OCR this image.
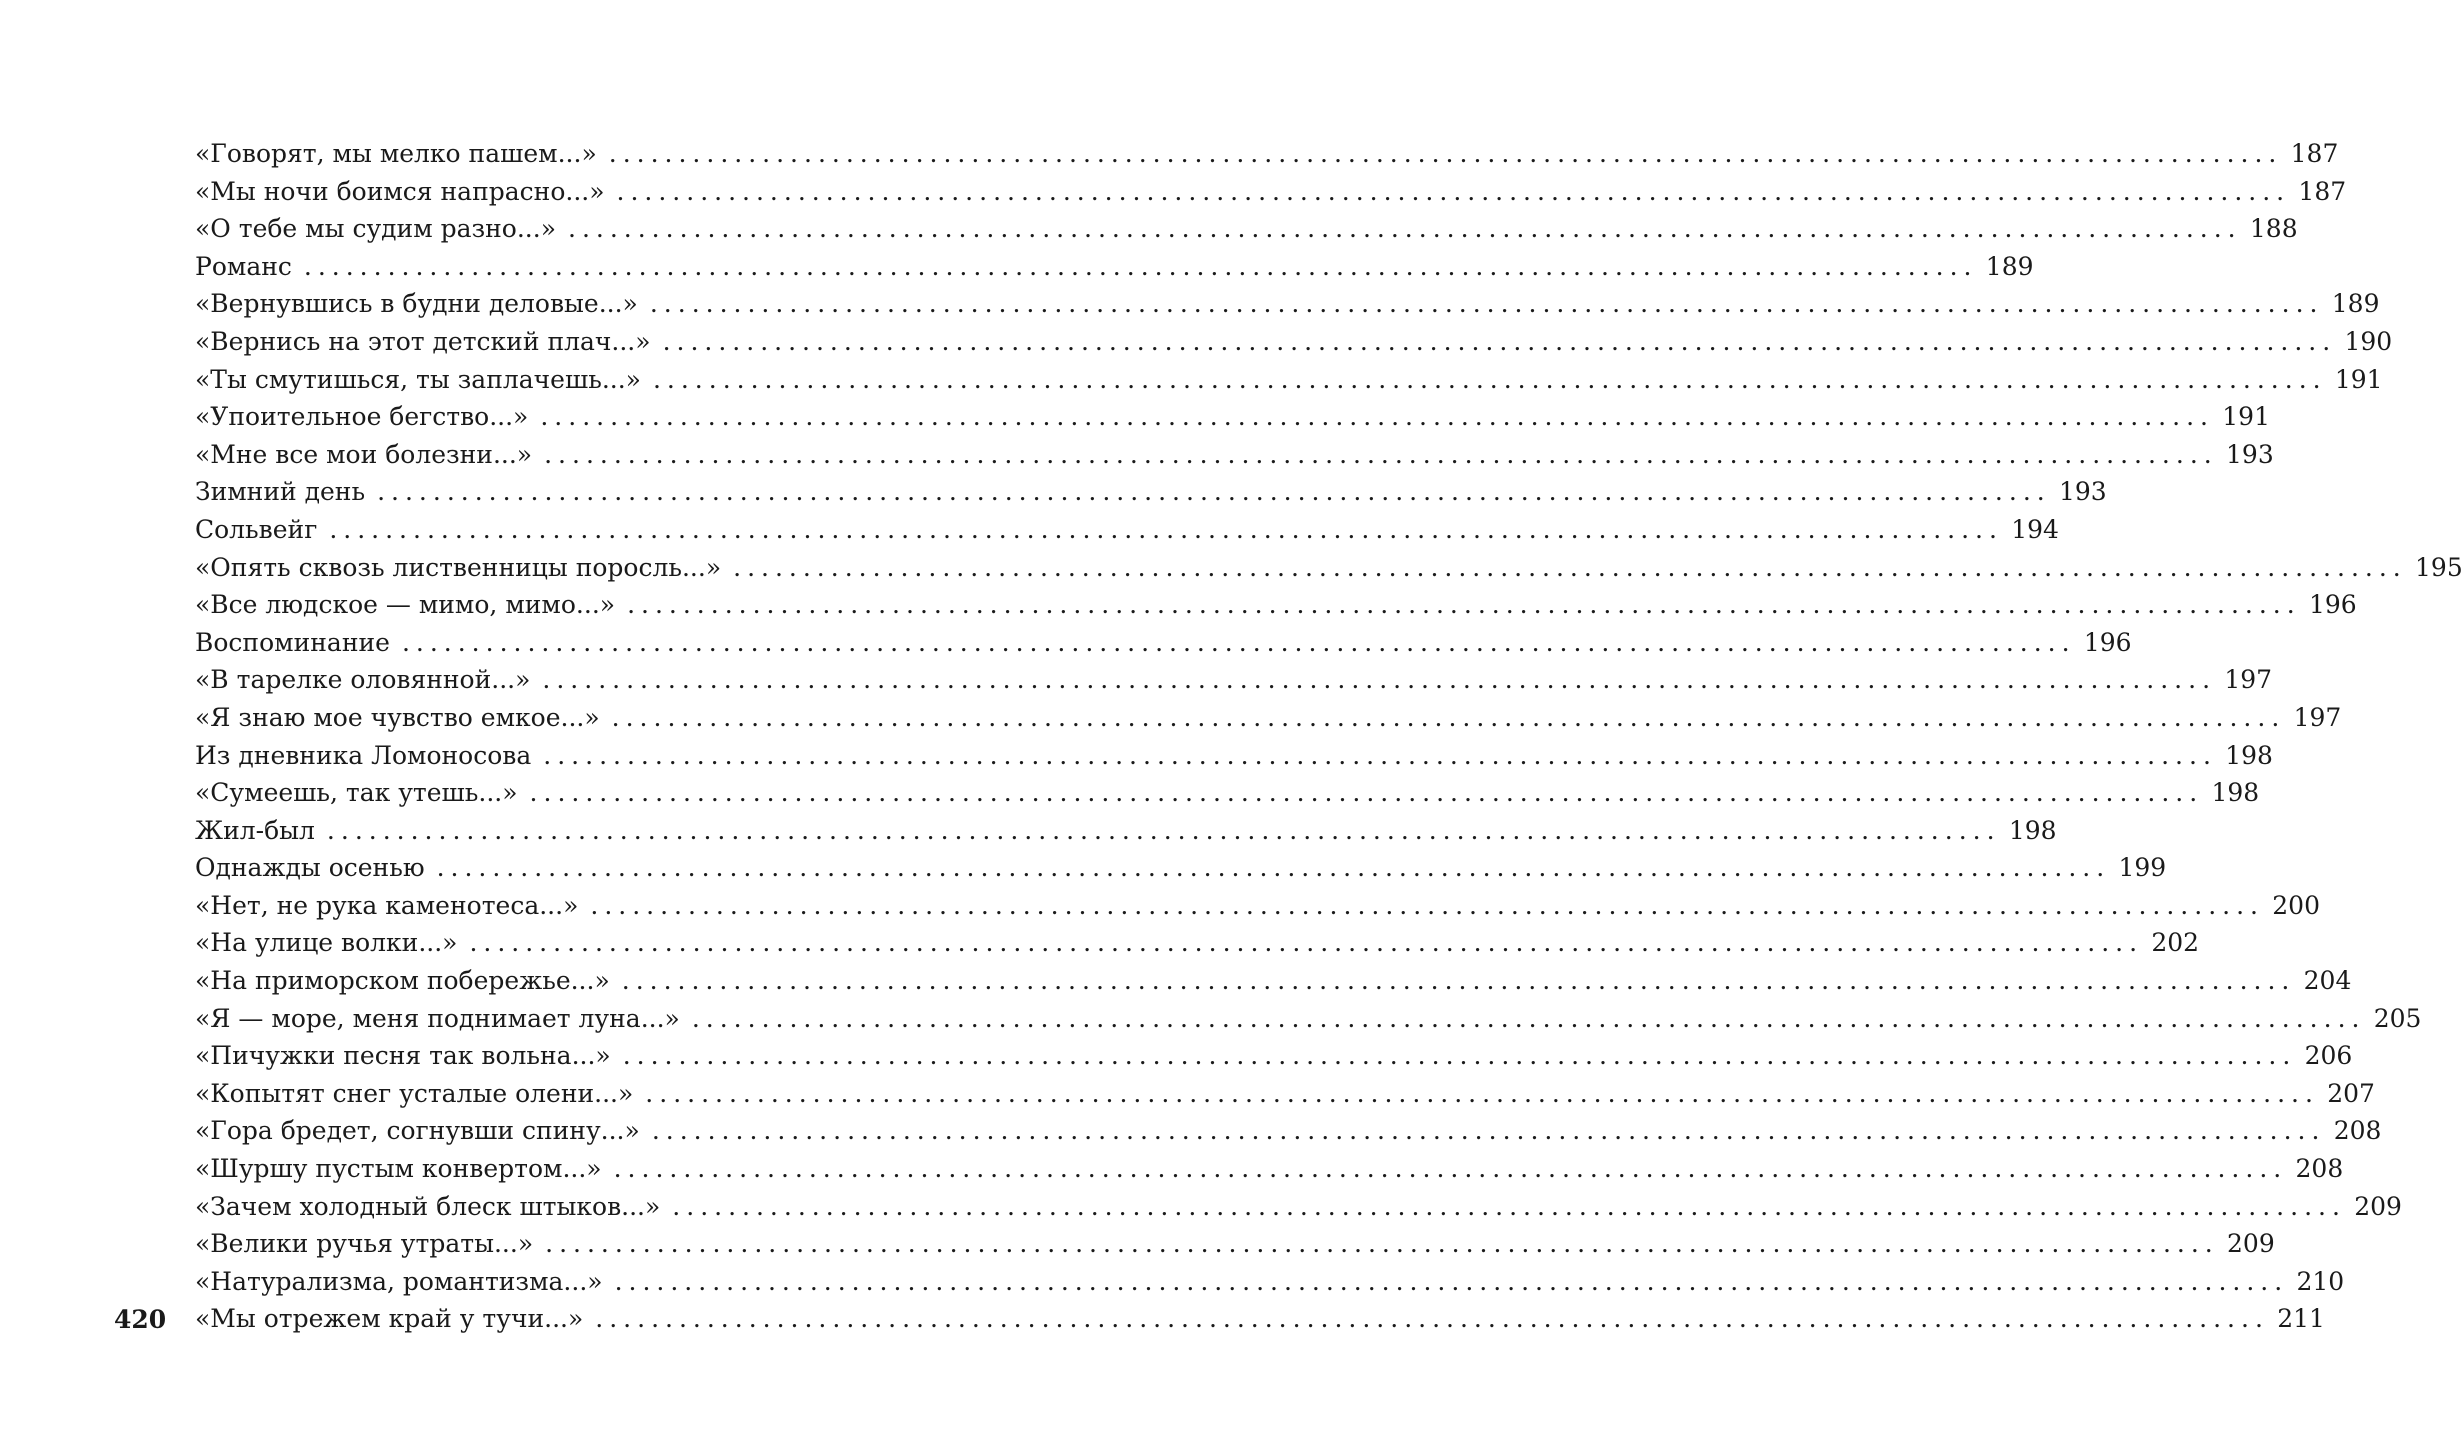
«Говорят, мы мелко пашем...» ........................................................................................................................ 187
«Мы ночи боимся напрасно...» ........................................................................................................................ 187
«О тебе мы судим разно...» ........................................................................................................................ 188
Романс ........................................................................................................................ 189
«Вернувшись в будни деловые...» ........................................................................................................................ 189
«Вернись на этот детский плач...» ........................................................................................................................ 190
«Ты смутишься, ты заплачешь...» ........................................................................................................................ 191
«Упоительное бегство...» ........................................................................................................................ 191
«Мне все мои болезни...» ........................................................................................................................ 193
Зимний день ........................................................................................................................ 193
Сольвейг ........................................................................................................................ 194
«Опять сквозь лиственницы поросль...» ........................................................................................................................ 195
«Все людское — мимо, мимо...» ........................................................................................................................ 196
Воспоминание ........................................................................................................................ 196
«В тарелке оловянной...» ........................................................................................................................ 197
«Я знаю мое чувство емкое...» ........................................................................................................................ 197
Из дневника Ломоносова ........................................................................................................................ 198
«Сумеешь, так утешь...» ........................................................................................................................ 198
Жил-был ........................................................................................................................ 198
Однажды осенью ........................................................................................................................ 199
«Нет, не рука каменотеса...» ........................................................................................................................ 200
«На улице волки...» ........................................................................................................................ 202
«На приморском побережье...» ........................................................................................................................ 204
«Я — море, меня поднимает луна...» ........................................................................................................................ 205
«Пичужки песня так вольна...» ........................................................................................................................ 206
«Копытят снег усталые олени...» ........................................................................................................................ 207
«Гора бредет, согнувши спину...» ........................................................................................................................ 208
«Шуршу пустым конвертом...» ........................................................................................................................ 208
«Зачем холодный блеск штыков...» ........................................................................................................................ 209
«Велики ручья утраты...» ........................................................................................................................ 209
«Натурализма, романтизма...» ........................................................................................................................ 210
«Мы отрежем край у тучи...» ........................................................................................................................ 211
420
